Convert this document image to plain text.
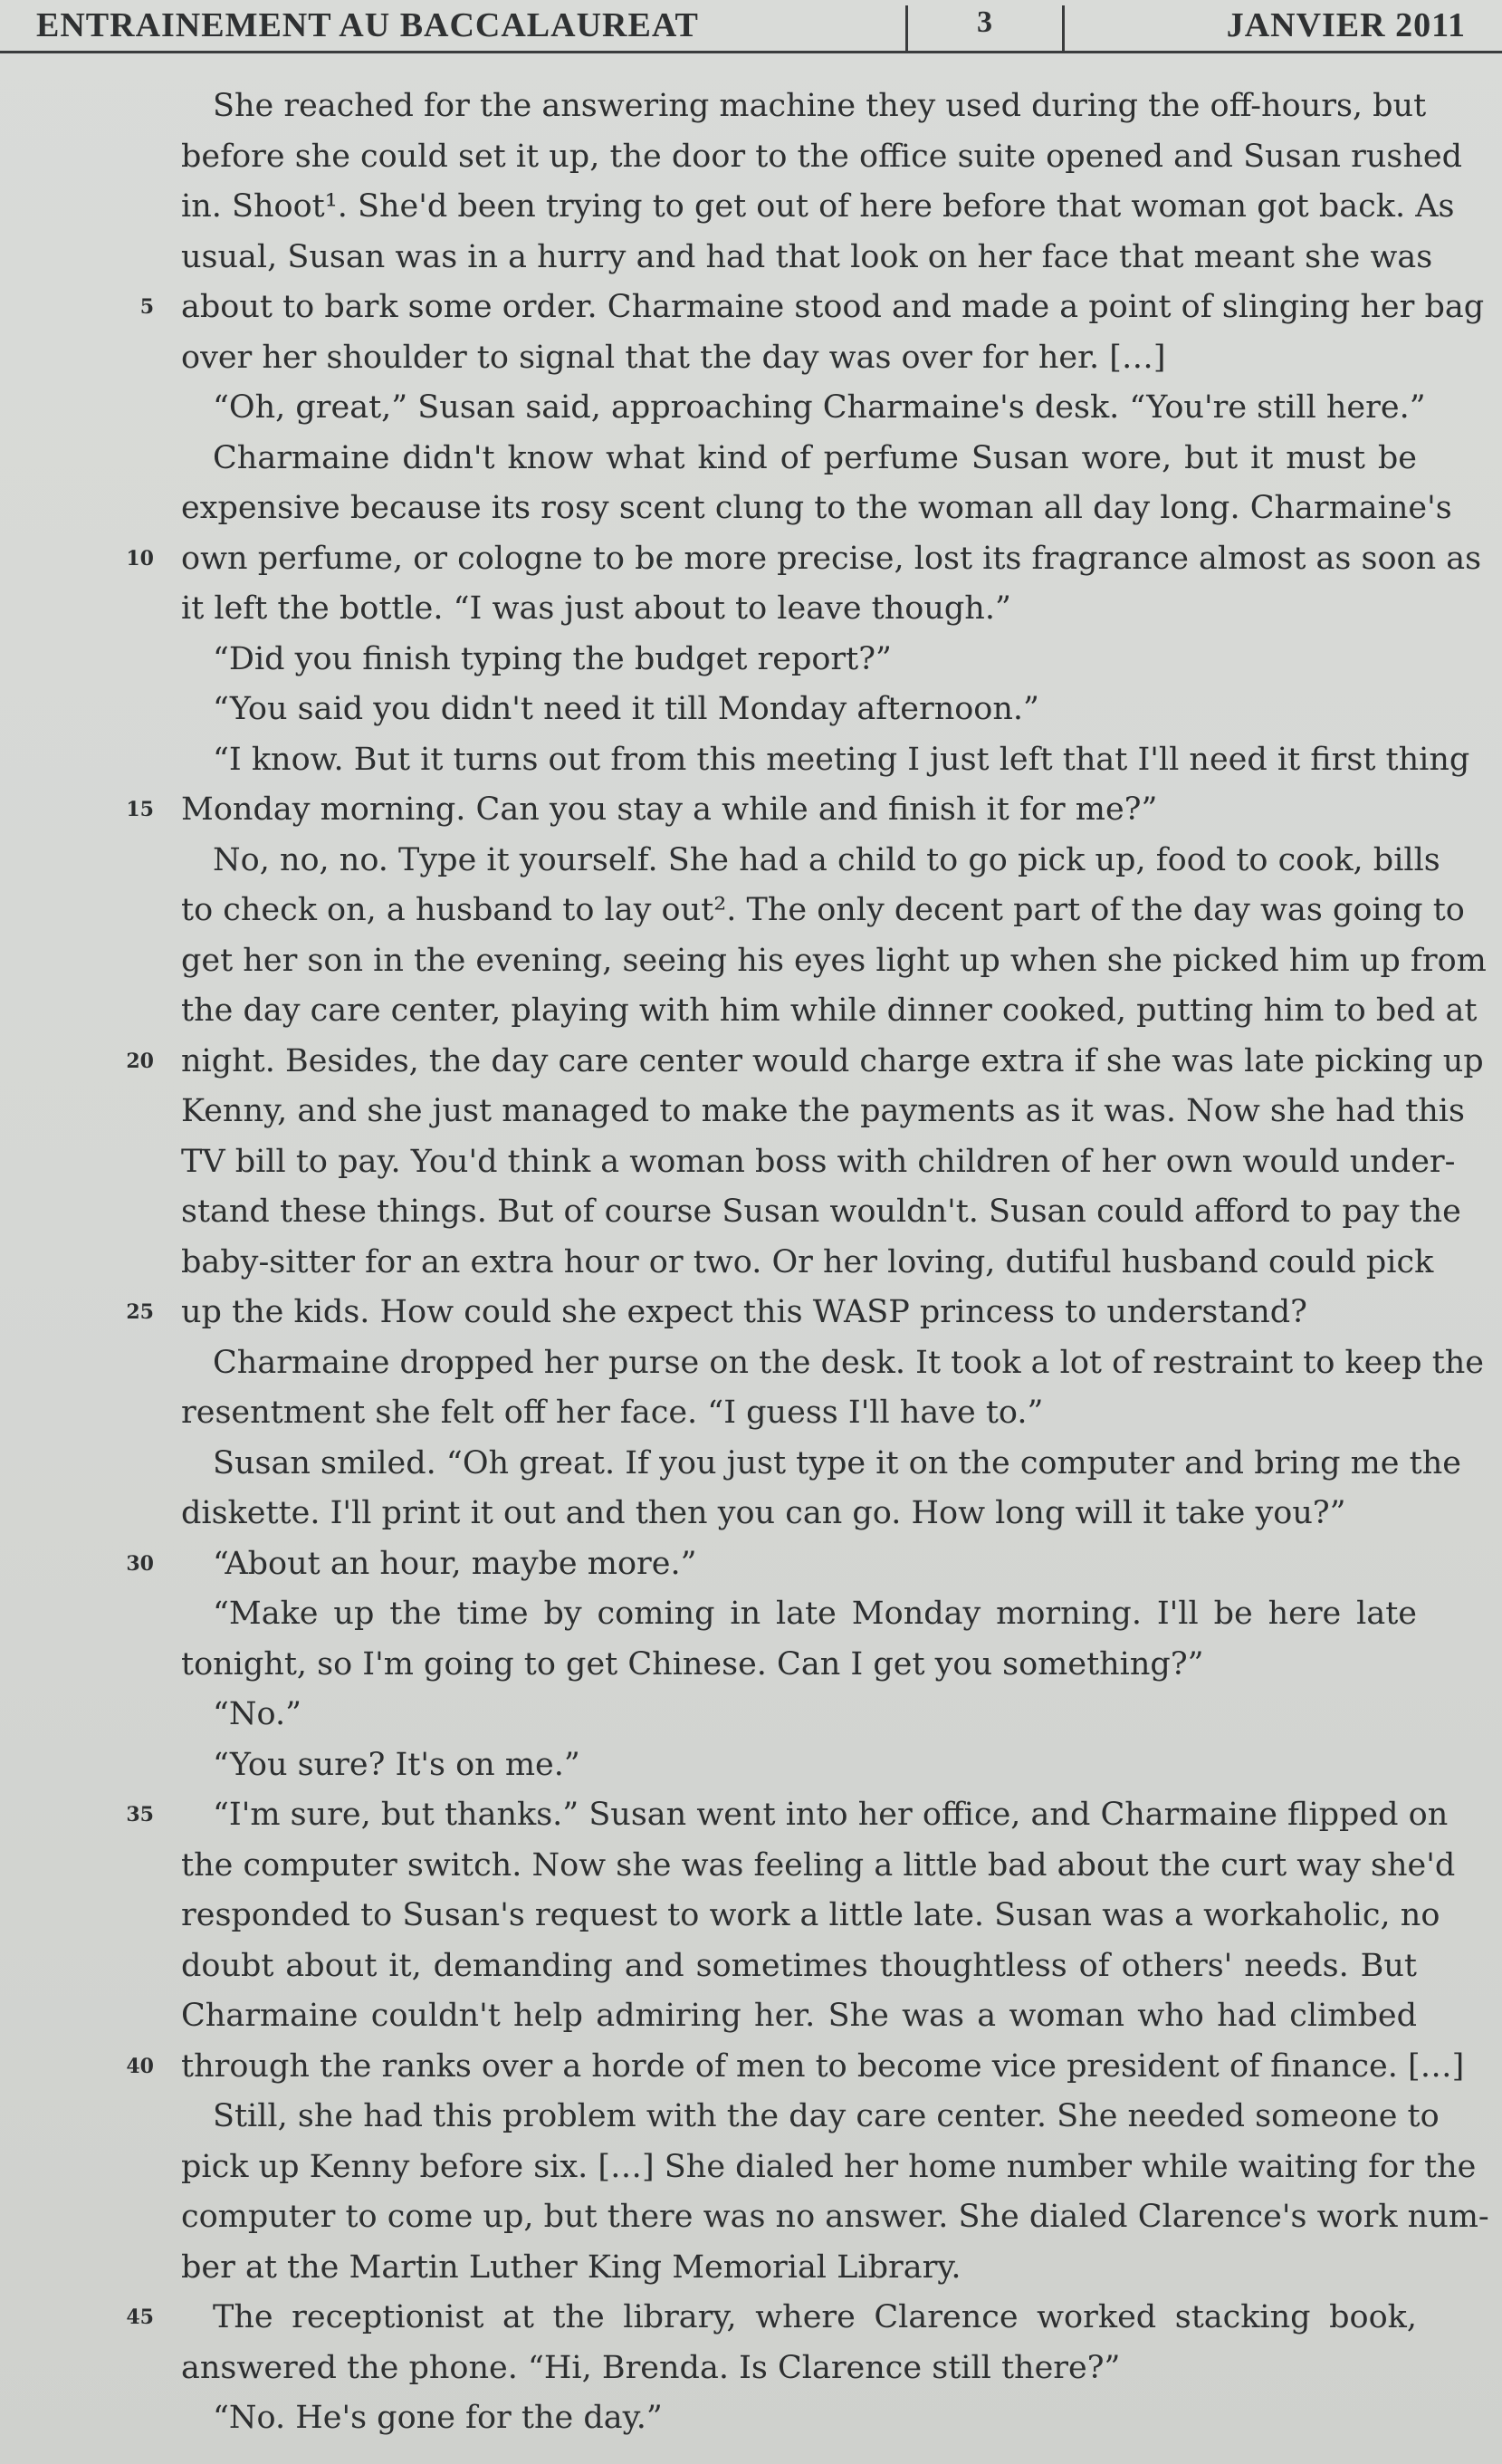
ENTRAINEMENT AU BACCALAUREAT	3	JANVIER 2011
She reached for the answering machine they used during the off-hours, but
before she could set it up, the door to the office suite opened and Susan rushed
in. Shoot¹. She'd been trying to get out of here before that woman got back. As
usual, Susan was in a hurry and had that look on her face that meant she was
5 about to bark some order. Charmaine stood and made a point of slinging her bag
over her shoulder to signal that the day was over for her. […]
“Oh, great,” Susan said, approaching Charmaine's desk. “You're still here.”
Charmaine didn't know what kind of perfume Susan wore, but it must be
expensive because its rosy scent clung to the woman all day long. Charmaine's
10 own perfume, or cologne to be more precise, lost its fragrance almost as soon as
it left the bottle. “I was just about to leave though.”
“Did you finish typing the budget report?”
“You said you didn't need it till Monday afternoon.”
“I know. But it turns out from this meeting I just left that I'll need it first thing
15 Monday morning. Can you stay a while and finish it for me?”
No, no, no. Type it yourself. She had a child to go pick up, food to cook, bills
to check on, a husband to lay out². The only decent part of the day was going to
get her son in the evening, seeing his eyes light up when she picked him up from
the day care center, playing with him while dinner cooked, putting him to bed at
20 night. Besides, the day care center would charge extra if she was late picking up
Kenny, and she just managed to make the payments as it was. Now she had this
TV bill to pay. You'd think a woman boss with children of her own would under-
stand these things. But of course Susan wouldn't. Susan could afford to pay the
baby-sitter for an extra hour or two. Or her loving, dutiful husband could pick
25 up the kids. How could she expect this WASP princess to understand?
Charmaine dropped her purse on the desk. It took a lot of restraint to keep the
resentment she felt off her face. “I guess I'll have to.”
Susan smiled. “Oh great. If you just type it on the computer and bring me the
diskette. I'll print it out and then you can go. How long will it take you?”
30 “About an hour, maybe more.”
“Make up the time by coming in late Monday morning. I'll be here late
tonight, so I'm going to get Chinese. Can I get you something?”
“No.”
“You sure? It's on me.”
35 “I'm sure, but thanks.” Susan went into her office, and Charmaine flipped on
the computer switch. Now she was feeling a little bad about the curt way she'd
responded to Susan's request to work a little late. Susan was a workaholic, no
doubt about it, demanding and sometimes thoughtless of others' needs. But
Charmaine couldn't help admiring her. She was a woman who had climbed
40 through the ranks over a horde of men to become vice president of finance. […]
Still, she had this problem with the day care center. She needed someone to
pick up Kenny before six. […] She dialed her home number while waiting for the
computer to come up, but there was no answer. She dialed Clarence's work num-
ber at the Martin Luther King Memorial Library.
45 The receptionist at the library, where Clarence worked stacking book,
answered the phone. “Hi, Brenda. Is Clarence still there?”
“No. He's gone for the day.”
